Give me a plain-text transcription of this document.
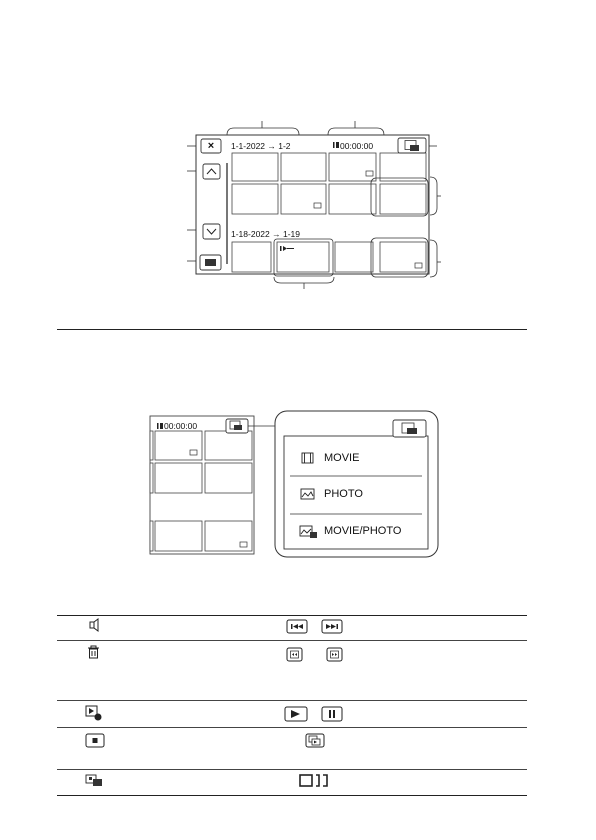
×	1-1-2022 → 1-2	00:00:00
1-18-2022 → 1-19
00:00:00
MOVIE
PHOTO
MOVIE/PHOTO
